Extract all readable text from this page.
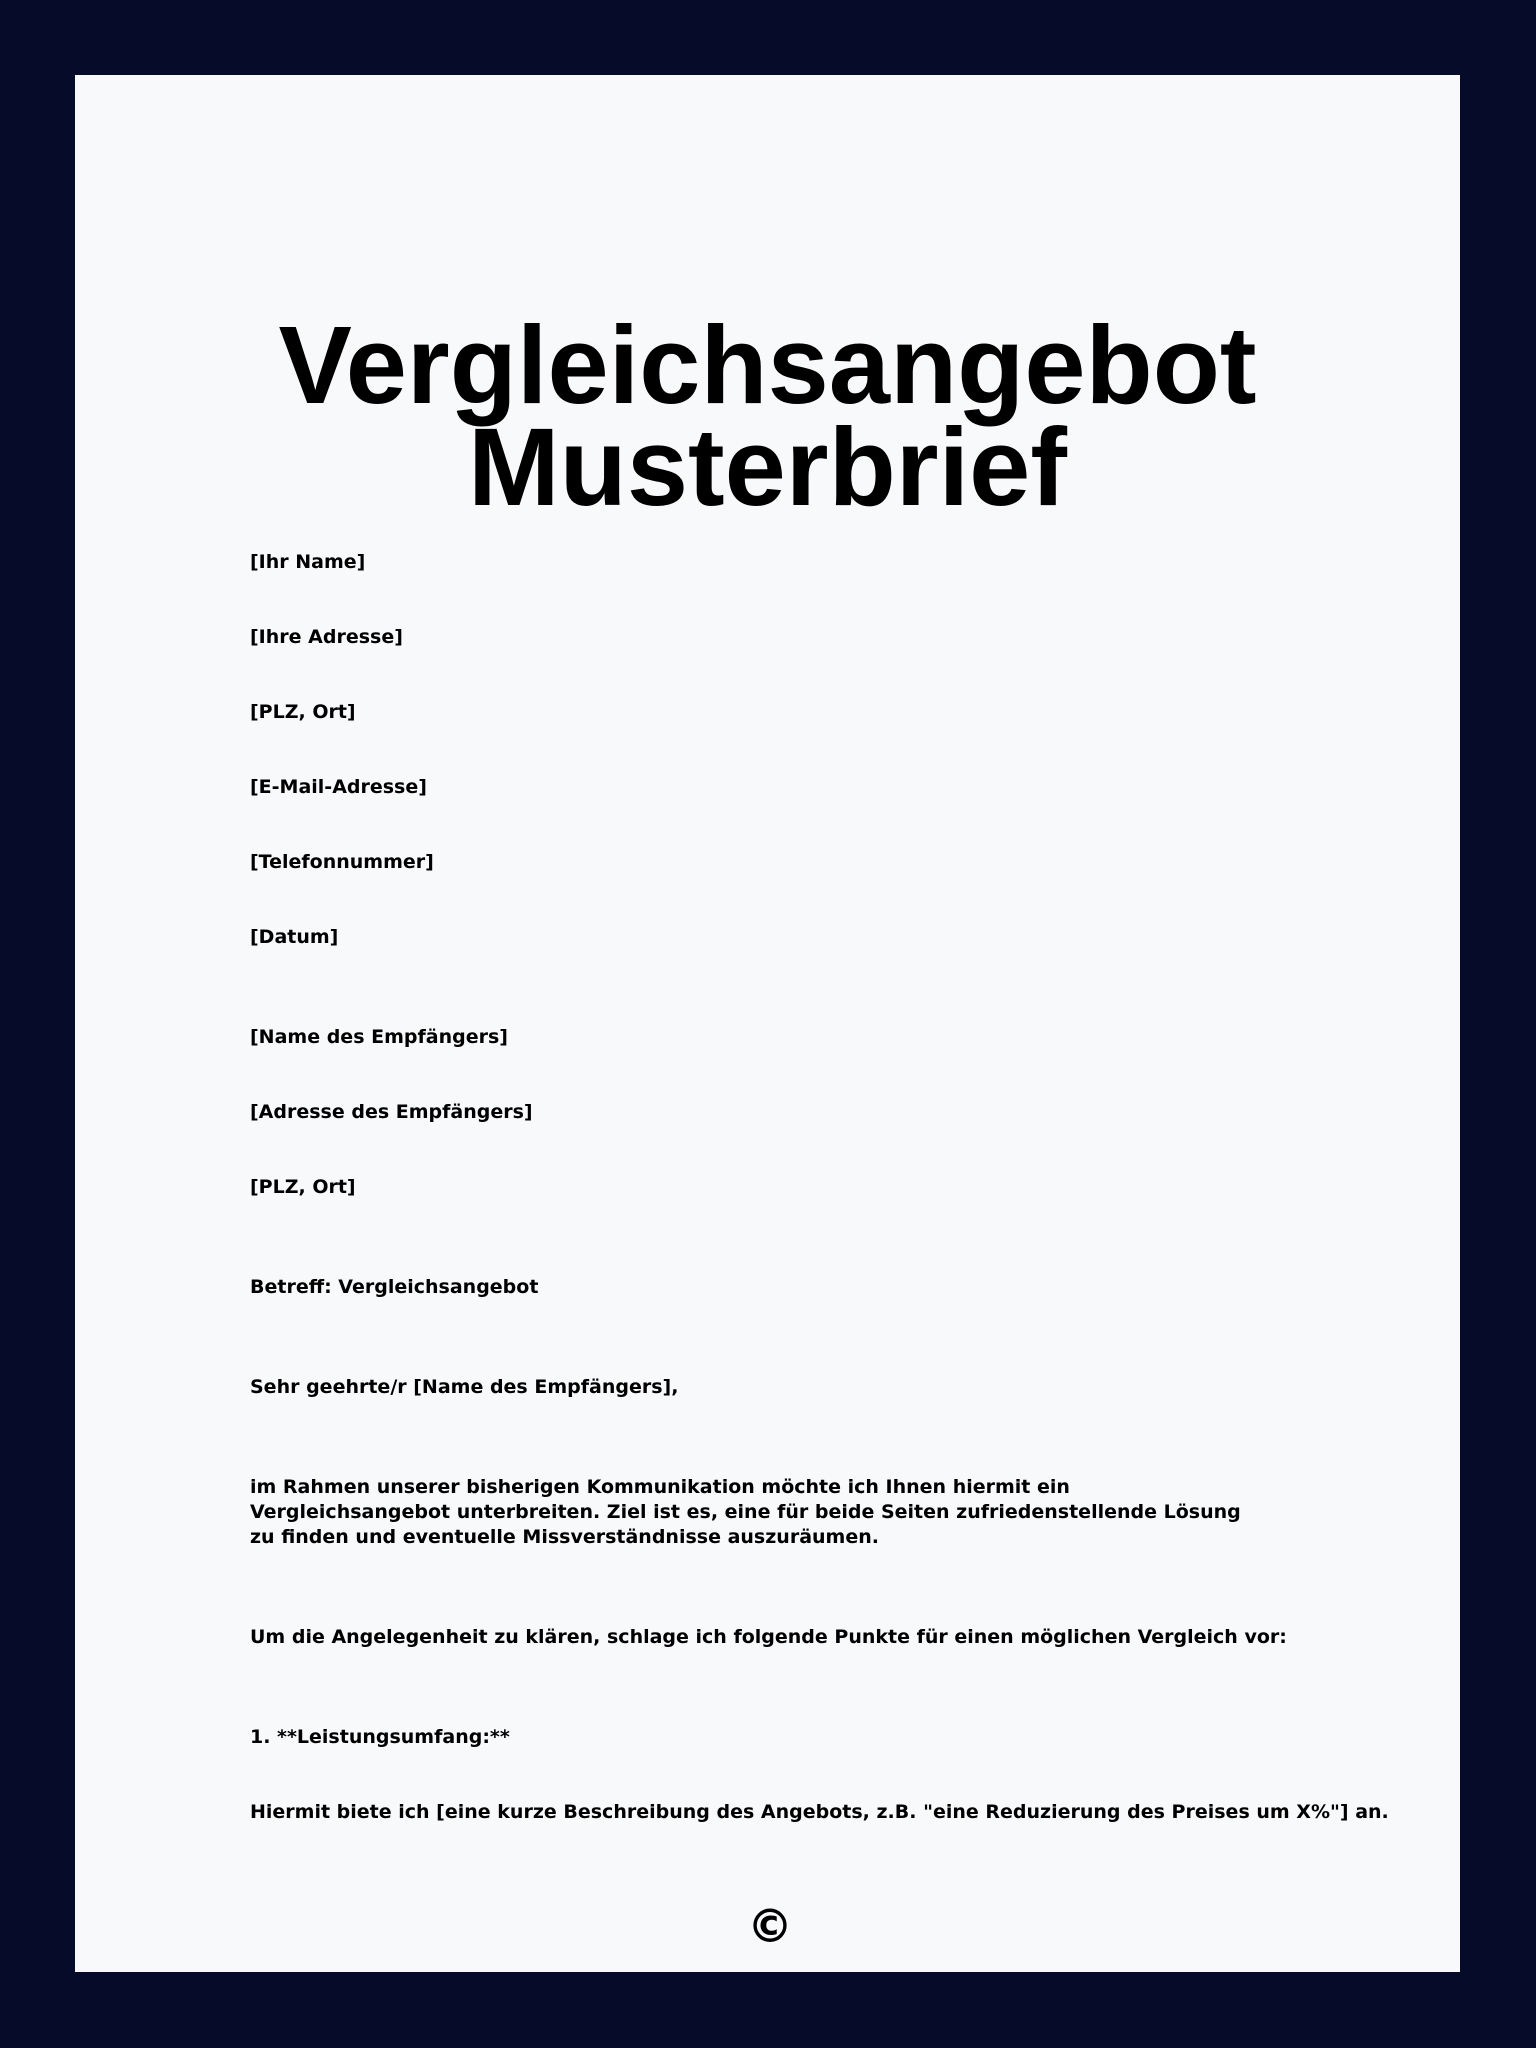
Vergleichsangebot
Musterbrief

[Ihr Name]

[Ihre Adresse]

[PLZ, Ort]

[E-Mail-Adresse]

[Telefonnummer]

[Datum]

[Name des Empfängers]

[Adresse des Empfängers]

[PLZ, Ort]

Betreff: Vergleichsangebot

Sehr geehrte/r [Name des Empfängers],

im Rahmen unserer bisherigen Kommunikation möchte ich Ihnen hiermit ein Vergleichsangebot unterbreiten. Ziel ist es, eine für beide Seiten zufriedenstellende Lösung zu finden und eventuelle Missverständnisse auszuräumen.

Um die Angelegenheit zu klären, schlage ich folgende Punkte für einen möglichen Vergleich vor:

1. **Leistungsumfang:**

Hiermit biete ich [eine kurze Beschreibung des Angebots, z.B. "eine Reduzierung des Preises um X%"] an.

©
